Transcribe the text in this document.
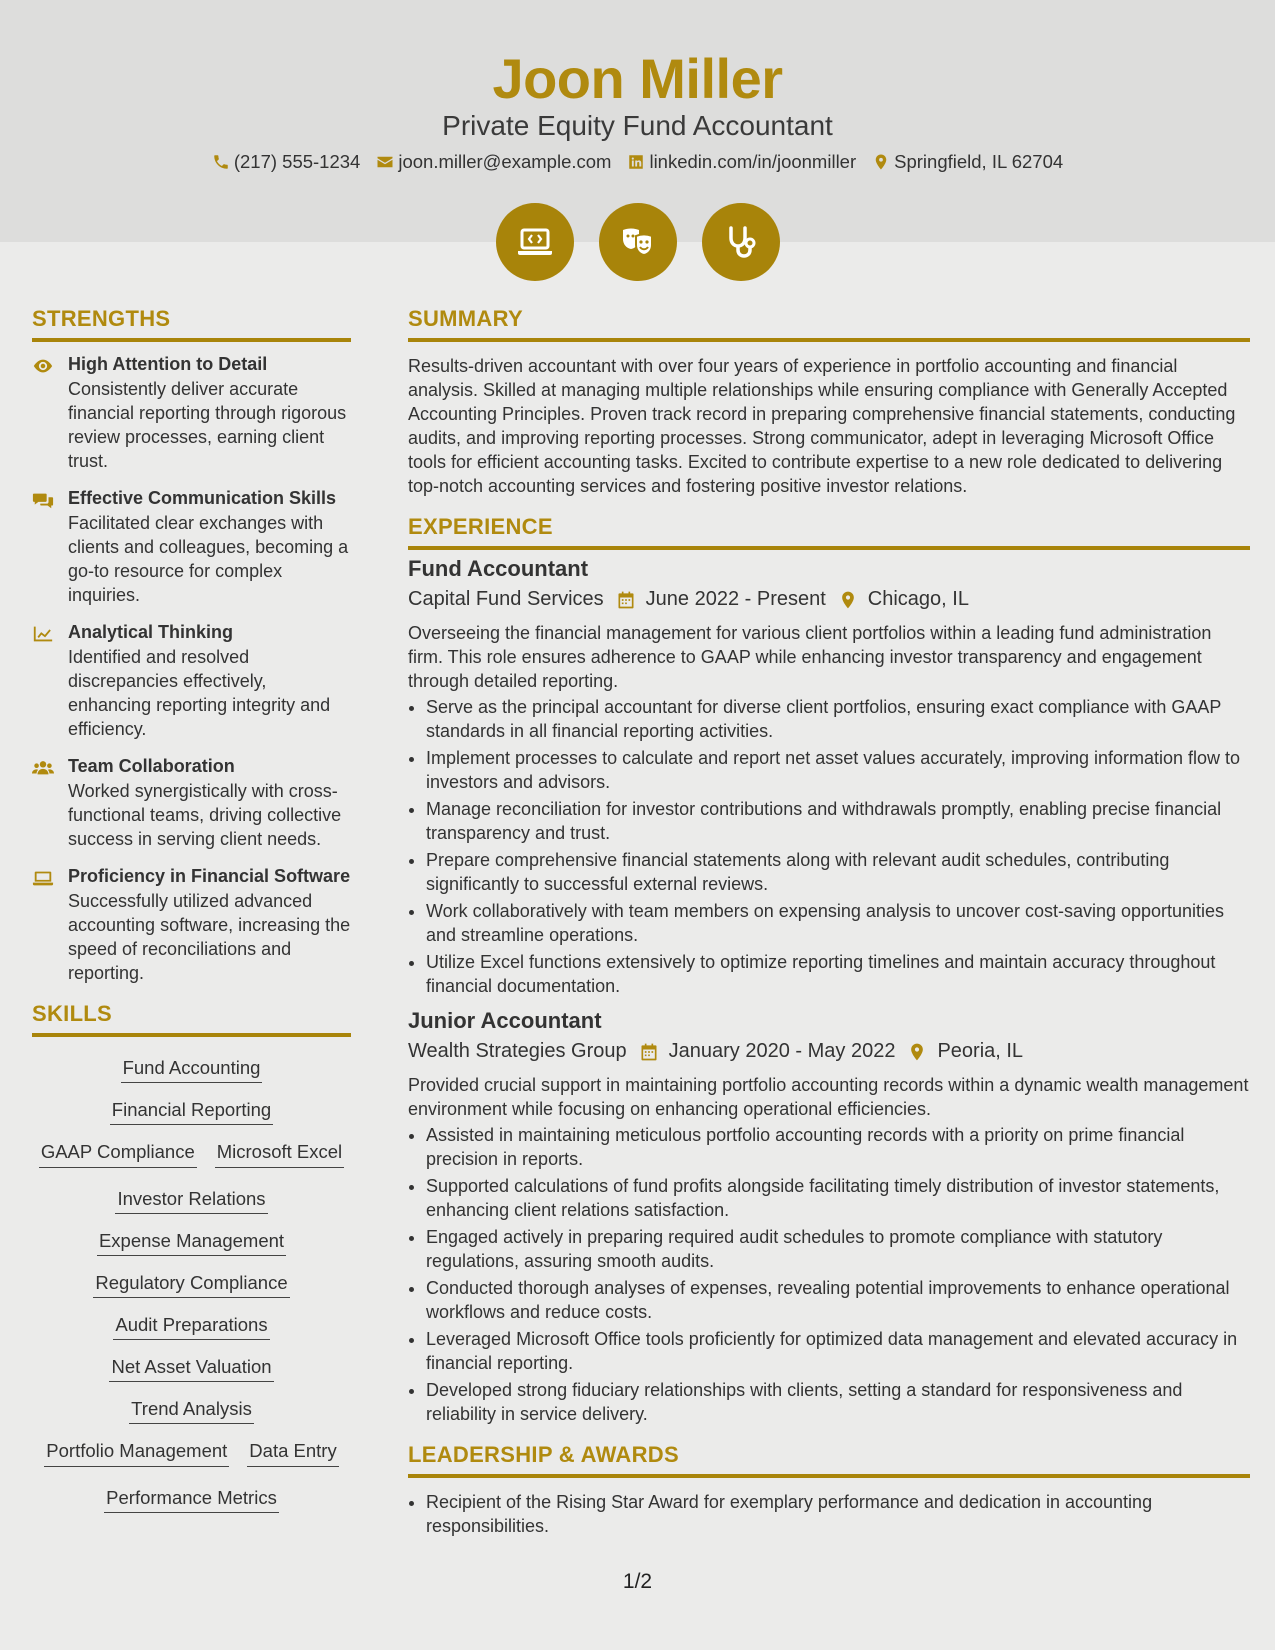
Joon Miller
Private Equity Fund Accountant
(217) 555-1234 joon.miller@example.com linkedin.com/in/joonmiller Springfield, IL 62704
STRENGTHS
High Attention to Detail
Consistently deliver accurate financial reporting through rigorous review processes, earning client trust.
Effective Communication Skills
Facilitated clear exchanges with clients and colleagues, becoming a go-to resource for complex inquiries.
Analytical Thinking
Identified and resolved discrepancies effectively, enhancing reporting integrity and efficiency.
Team Collaboration
Worked synergistically with cross-functional teams, driving collective success in serving client needs.
Proficiency in Financial Software
Successfully utilized advanced accounting software, increasing the speed of reconciliations and reporting.
SKILLS
Fund Accounting
Financial Reporting
GAAP Compliance Microsoft Excel
Investor Relations
Expense Management
Regulatory Compliance
Audit Preparations
Net Asset Valuation
Trend Analysis
Portfolio Management Data Entry
Performance Metrics
SUMMARY
Results-driven accountant with over four years of experience in portfolio accounting and financial analysis. Skilled at managing multiple relationships while ensuring compliance with Generally Accepted Accounting Principles. Proven track record in preparing comprehensive financial statements, conducting audits, and improving reporting processes. Strong communicator, adept in leveraging Microsoft Office tools for efficient accounting tasks. Excited to contribute expertise to a new role dedicated to delivering top-notch accounting services and fostering positive investor relations.
EXPERIENCE
Fund Accountant
Capital Fund Services June 2022 - Present Chicago, IL
Overseeing the financial management for various client portfolios within a leading fund administration firm. This role ensures adherence to GAAP while enhancing investor transparency and engagement through detailed reporting.
• Serve as the principal accountant for diverse client portfolios, ensuring exact compliance with GAAP standards in all financial reporting activities.
• Implement processes to calculate and report net asset values accurately, improving information flow to investors and advisors.
• Manage reconciliation for investor contributions and withdrawals promptly, enabling precise financial transparency and trust.
• Prepare comprehensive financial statements along with relevant audit schedules, contributing significantly to successful external reviews.
• Work collaboratively with team members on expensing analysis to uncover cost-saving opportunities and streamline operations.
• Utilize Excel functions extensively to optimize reporting timelines and maintain accuracy throughout financial documentation.
Junior Accountant
Wealth Strategies Group January 2020 - May 2022 Peoria, IL
Provided crucial support in maintaining portfolio accounting records within a dynamic wealth management environment while focusing on enhancing operational efficiencies.
• Assisted in maintaining meticulous portfolio accounting records with a priority on prime financial precision in reports.
• Supported calculations of fund profits alongside facilitating timely distribution of investor statements, enhancing client relations satisfaction.
• Engaged actively in preparing required audit schedules to promote compliance with statutory regulations, assuring smooth audits.
• Conducted thorough analyses of expenses, revealing potential improvements to enhance operational workflows and reduce costs.
• Leveraged Microsoft Office tools proficiently for optimized data management and elevated accuracy in financial reporting.
• Developed strong fiduciary relationships with clients, setting a standard for responsiveness and reliability in service delivery.
LEADERSHIP & AWARDS
• Recipient of the Rising Star Award for exemplary performance and dedication in accounting responsibilities.
1/2
